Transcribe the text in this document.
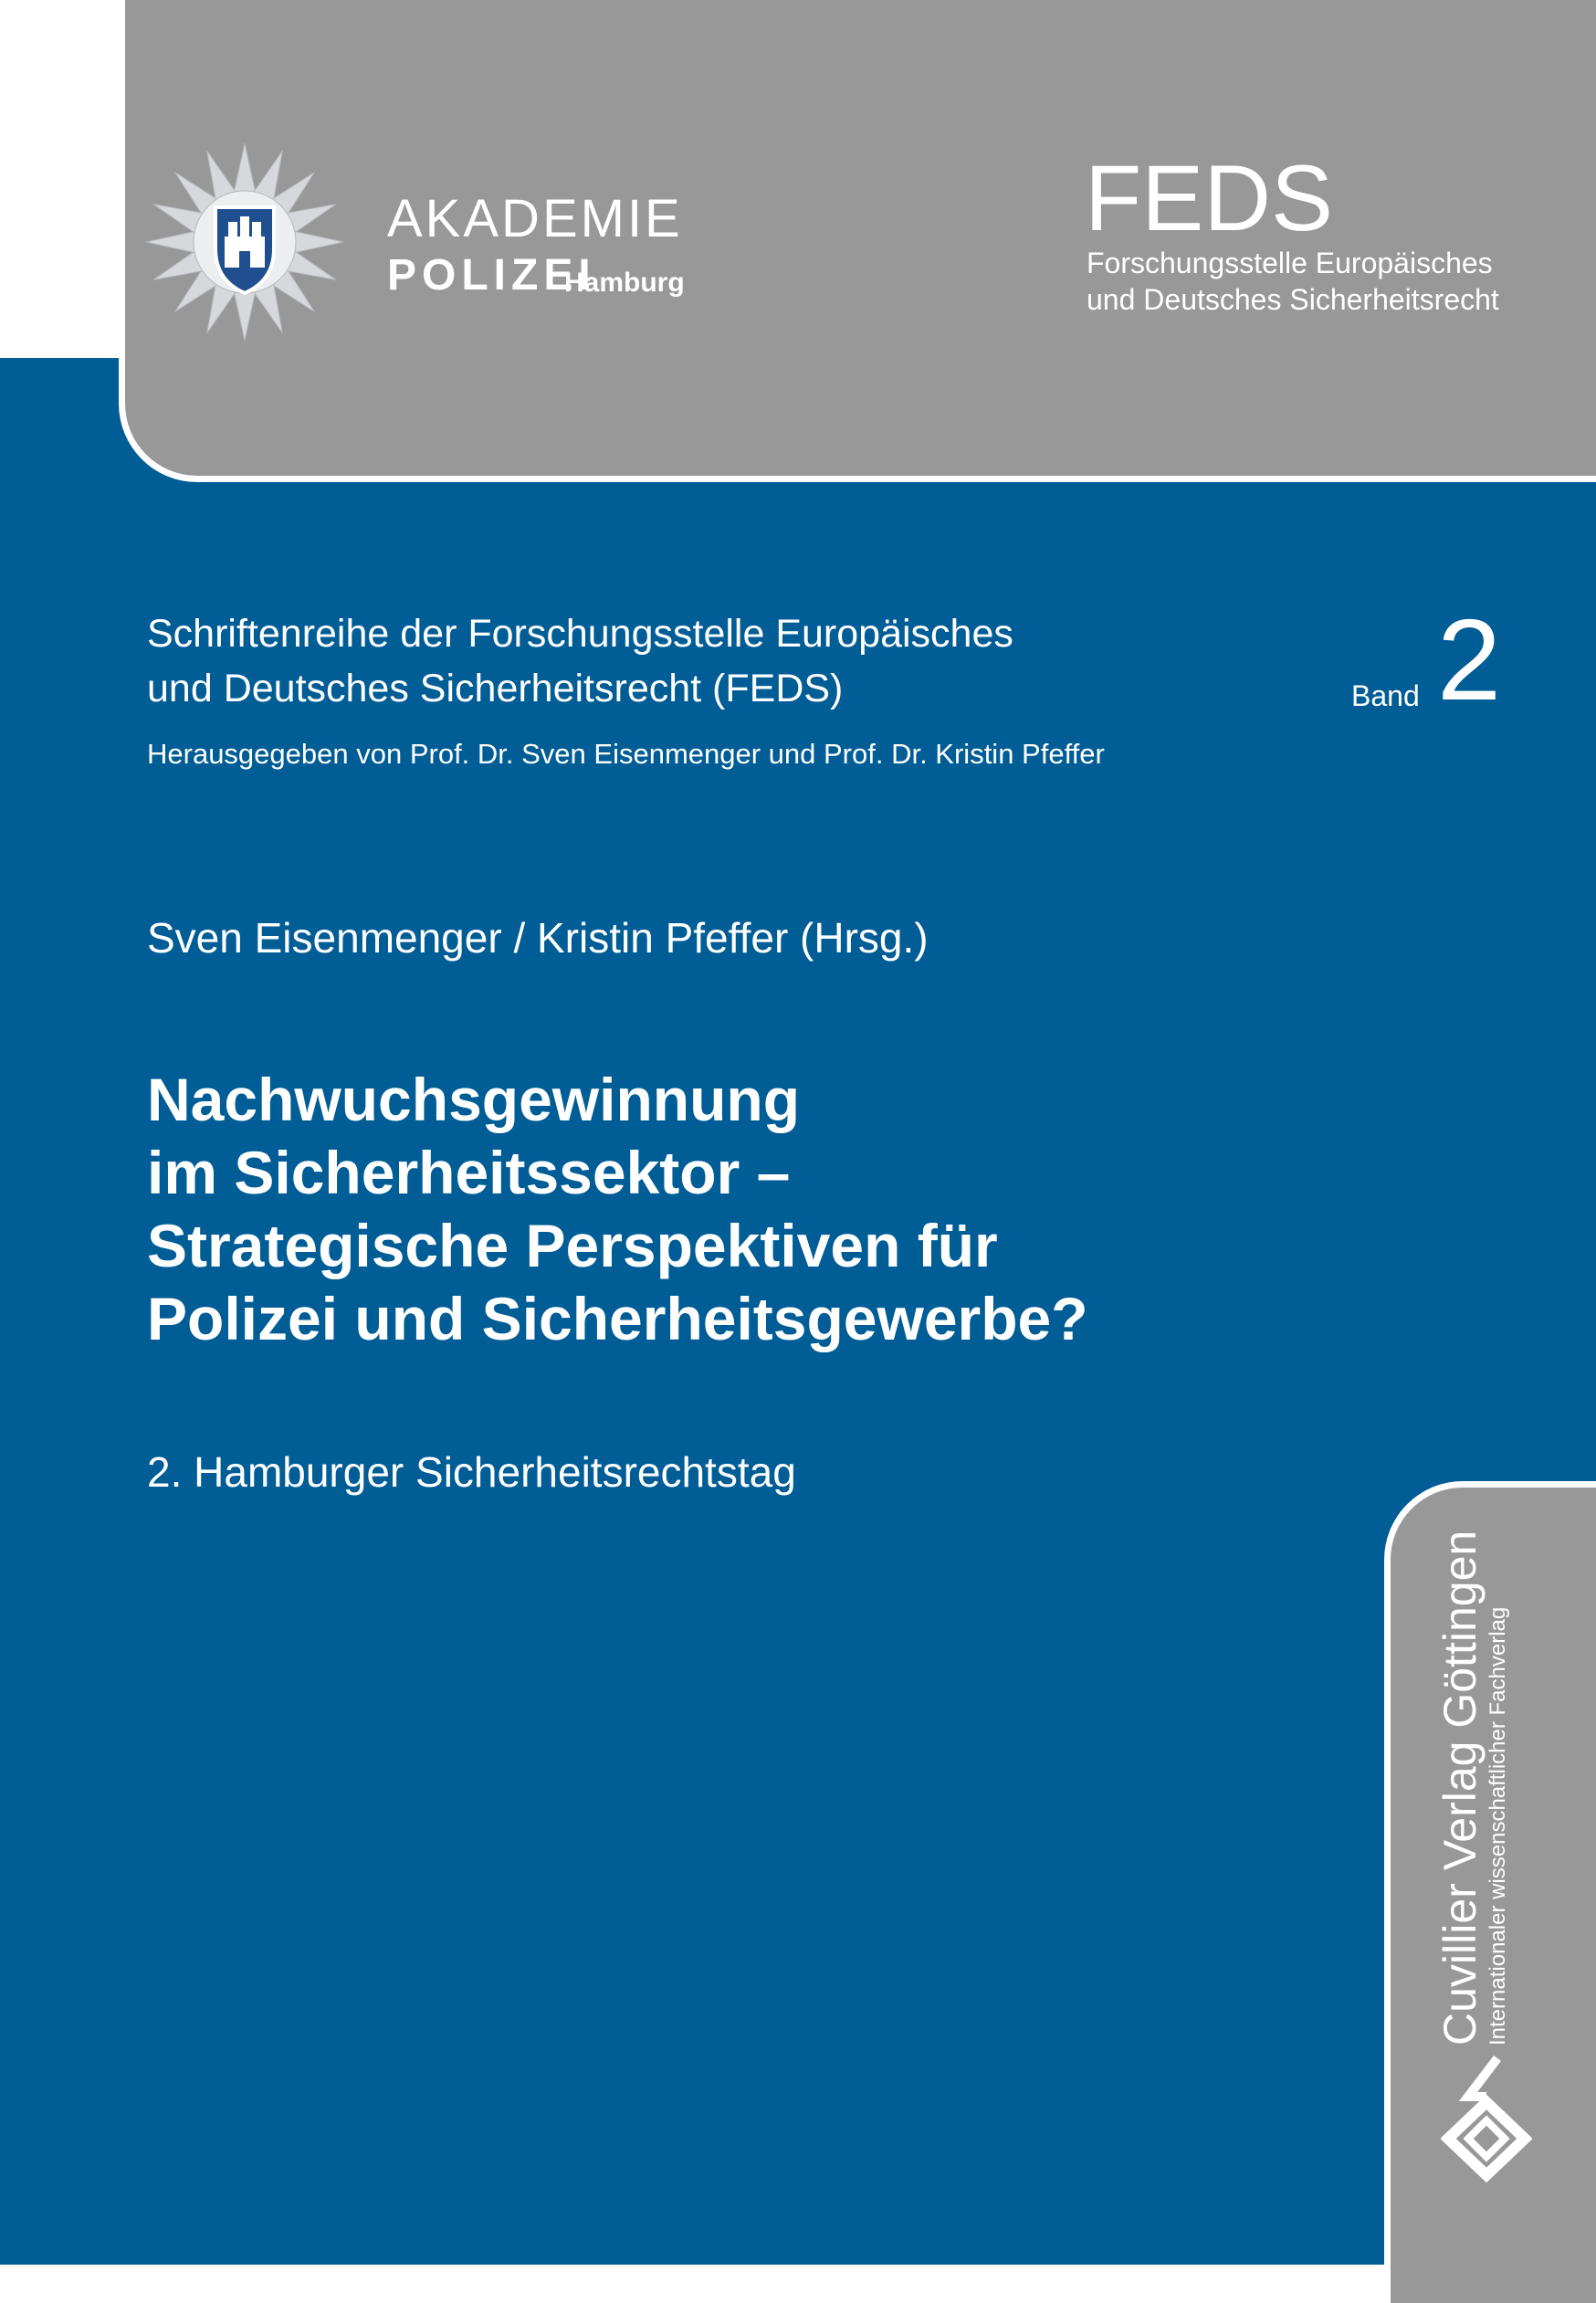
AKADEMIE
POLIZEI
Hamburg
FEDS
Forschungsstelle Europäisches
und Deutsches Sicherheitsrecht
Schriftenreihe der Forschungsstelle Europäisches
und Deutsches Sicherheitsrecht (FEDS)
Herausgegeben von Prof. Dr. Sven Eisenmenger und Prof. Dr. Kristin Pfeffer
Band 2
Sven Eisenmenger / Kristin Pfeffer (Hrsg.)
Nachwuchsgewinnung
im Sicherheitssektor –
Strategische Perspektiven für
Polizei und Sicherheitsgewerbe?
2. Hamburger Sicherheitsrechtstag
Cuvillier Verlag Göttingen Internationaler wissenschaftlicher Fachverlag
